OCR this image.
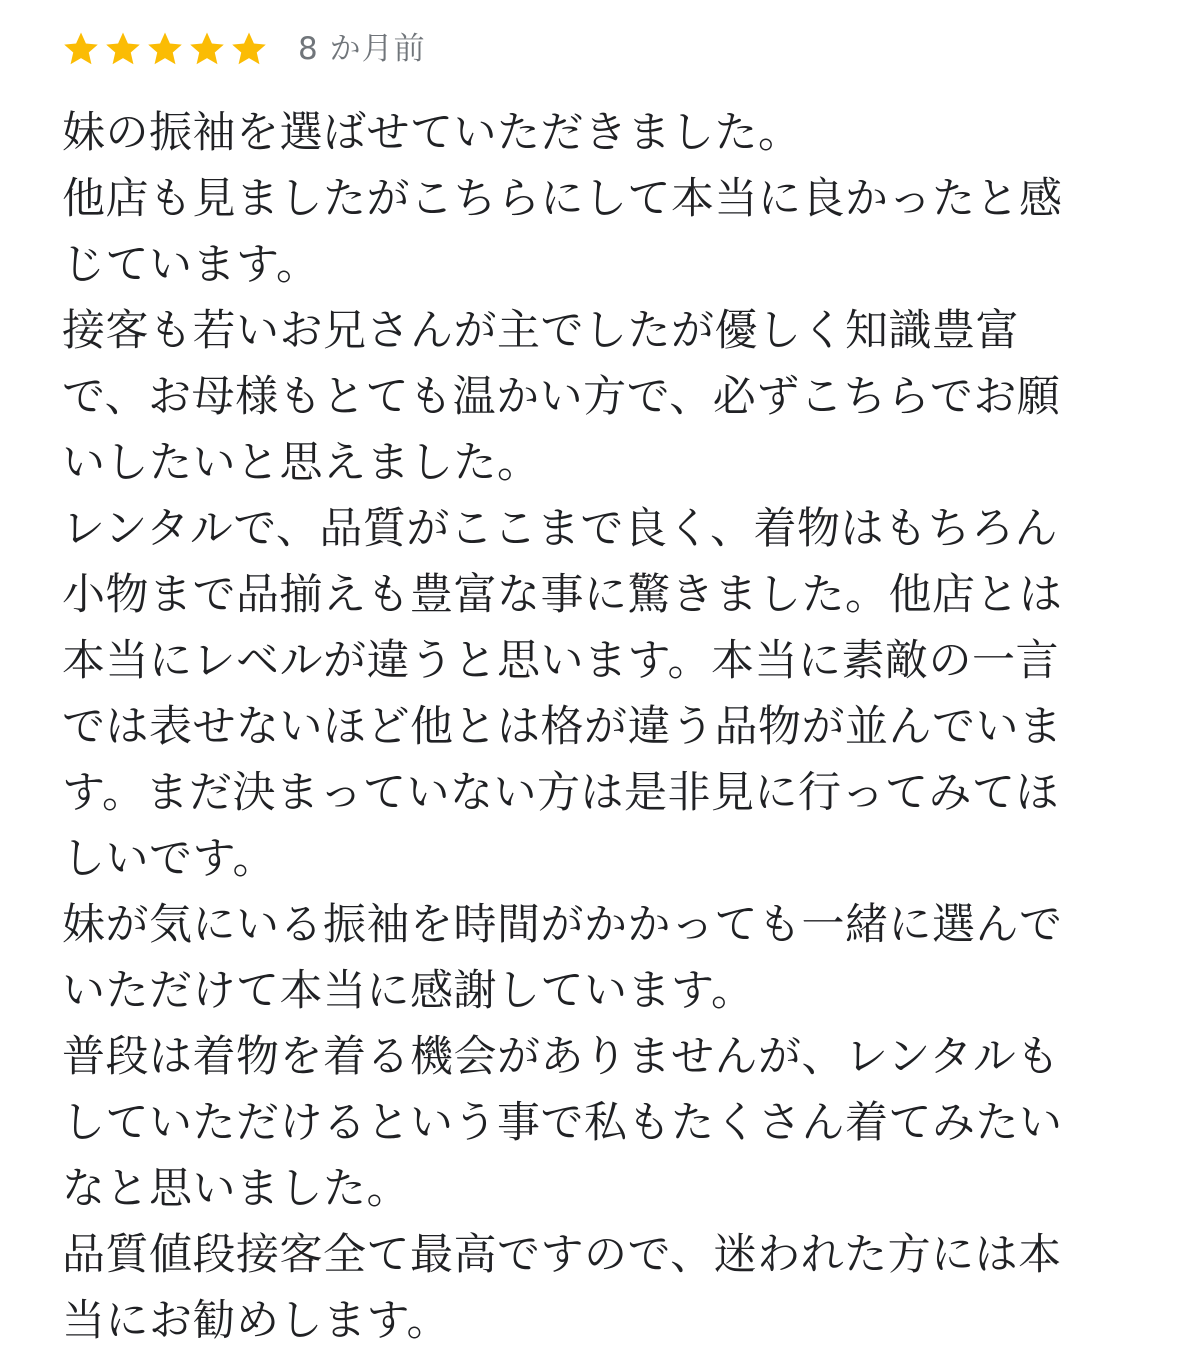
8 か月前
妹の振袖を選ばせていただきました。
他店も見ましたがこちらにして本当に良かったと感
じています。
接客も若いお兄さんが主でしたが優しく知識豊富
で、お母様もとても温かい方で、必ずこちらでお願
いしたいと思えました。
レンタルで、品質がここまで良く、着物はもちろん
小物まで品揃えも豊富な事に驚きました。他店とは
本当にレベルが違うと思います。本当に素敵の一言
では表せないほど他とは格が違う品物が並んでいま
す。まだ決まっていない方は是非見に行ってみてほ
しいです。
妹が気にいる振袖を時間がかかっても一緒に選んで
いただけて本当に感謝しています。
普段は着物を着る機会がありませんが、レンタルも
していただけるという事で私もたくさん着てみたい
なと思いました。
品質値段接客全て最高ですので、迷われた方には本
当にお勧めします。
